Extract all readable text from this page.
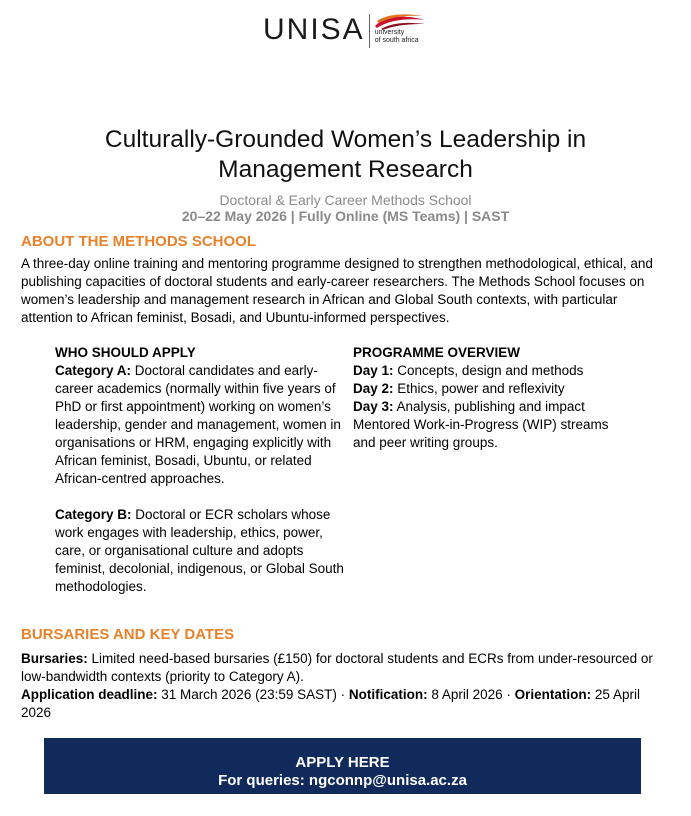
UNISA university
of south africa
Culturally-Grounded Women’s Leadership in
Management Research
Doctoral & Early Career Methods School
20–22 May 2026 | Fully Online (MS Teams) | SAST
ABOUT THE METHODS SCHOOL
A three-day online training and mentoring programme designed to strengthen methodological, ethical, and publishing capacities of doctoral students and early-career researchers. The Methods School focuses on women’s leadership and management research in African and Global South contexts, with particular attention to African feminist, Bosadi, and Ubuntu-informed perspectives.
WHO SHOULD APPLY
Category A: Doctoral candidates and early-career academics (normally within five years of PhD or first appointment) working on women’s leadership, gender and management, women in organisations or HRM, engaging explicitly with African feminist, Bosadi, Ubuntu, or related African-centred approaches.
Category B: Doctoral or ECR scholars whose work engages with leadership, ethics, power, care, or organisational culture and adopts feminist, decolonial, indigenous, or Global South methodologies.
PROGRAMME OVERVIEW
Day 1: Concepts, design and methods
Day 2: Ethics, power and reflexivity
Day 3: Analysis, publishing and impact
Mentored Work-in-Progress (WIP) streams and peer writing groups.
BURSARIES AND KEY DATES
Bursaries: Limited need-based bursaries (£150) for doctoral students and ECRs from under-resourced or low-bandwidth contexts (priority to Category A).
Application deadline: 31 March 2026 (23:59 SAST) · Notification: 8 April 2026 · Orientation: 25 April 2026
APPLY HERE
For queries: ngconnp@unisa.ac.za
